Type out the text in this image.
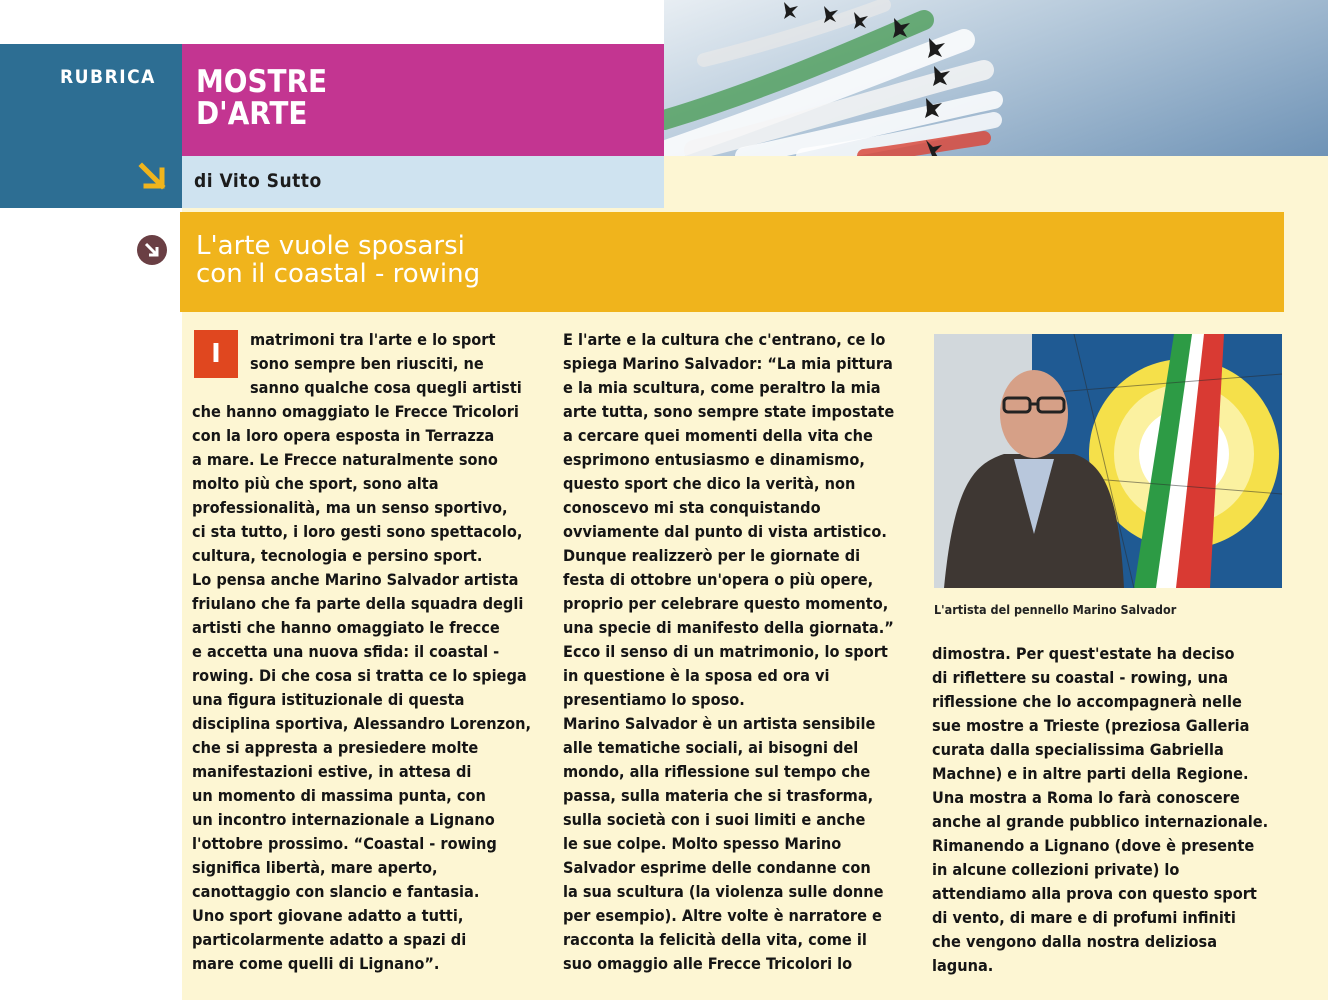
RUBRICA MOSTRE
D'ARTE
di Vito Sutto
L'arte vuole sposarsi
con il coastal - rowing
I	matrimoni tra l'arte e lo sport
sono sempre ben riusciti, ne
sanno qualche cosa quegli artisti
che hanno omaggiato le Frecce Tricolori
con la loro opera esposta in Terrazza
a mare. Le Frecce naturalmente sono
molto più che sport, sono alta
professionalità, ma un senso sportivo,
ci sta tutto, i loro gesti sono spettacolo,
cultura, tecnologia e persino sport.
Lo pensa anche Marino Salvador artista
friulano che fa parte della squadra degli
artisti che hanno omaggiato le frecce
e accetta una nuova sfida: il coastal -
rowing. Di che cosa si tratta ce lo spiega
una figura istituzionale di questa
disciplina sportiva, Alessandro Lorenzon,
che si appresta a presiedere molte
manifestazioni estive, in attesa di
un momento di massima punta, con
un incontro internazionale a Lignano
l'ottobre prossimo. “Coastal - rowing
significa libertà, mare aperto,
canottaggio con slancio e fantasia.
Uno sport giovane adatto a tutti,
particolarmente adatto a spazi di
mare come quelli di Lignano”.
E l'arte e la cultura che c'entrano, ce lo
spiega Marino Salvador: “La mia pittura
e la mia scultura, come peraltro la mia
arte tutta, sono sempre state impostate
a cercare quei momenti della vita che
esprimono entusiasmo e dinamismo,
questo sport che dico la verità, non
conoscevo mi sta conquistando
ovviamente dal punto di vista artistico.
Dunque realizzerò per le giornate di
festa di ottobre un'opera o più opere,
proprio per celebrare questo momento,
una specie di manifesto della giornata.”
Ecco il senso di un matrimonio, lo sport
in questione è la sposa ed ora vi
presentiamo lo sposo.
Marino Salvador è un artista sensibile
alle tematiche sociali, ai bisogni del
mondo, alla riflessione sul tempo che
passa, sulla materia che si trasforma,
sulla società con i suoi limiti e anche
le sue colpe. Molto spesso Marino
Salvador esprime delle condanne con
la sua scultura (la violenza sulle donne
per esempio). Altre volte è narratore e
racconta la felicità della vita, come il
suo omaggio alle Frecce Tricolori lo
dimostra. Per quest'estate ha deciso
di riflettere su coastal - rowing, una
riflessione che lo accompagnerà nelle
sue mostre a Trieste (preziosa Galleria
curata dalla specialissima Gabriella
Machne) e in altre parti della Regione.
Una mostra a Roma lo farà conoscere
anche al grande pubblico internazionale.
Rimanendo a Lignano (dove è presente
in alcune collezioni private) lo
attendiamo alla prova con questo sport
di vento, di mare e di profumi infiniti
che vengono dalla nostra deliziosa
laguna.
L'artista del pennello Marino Salvador
